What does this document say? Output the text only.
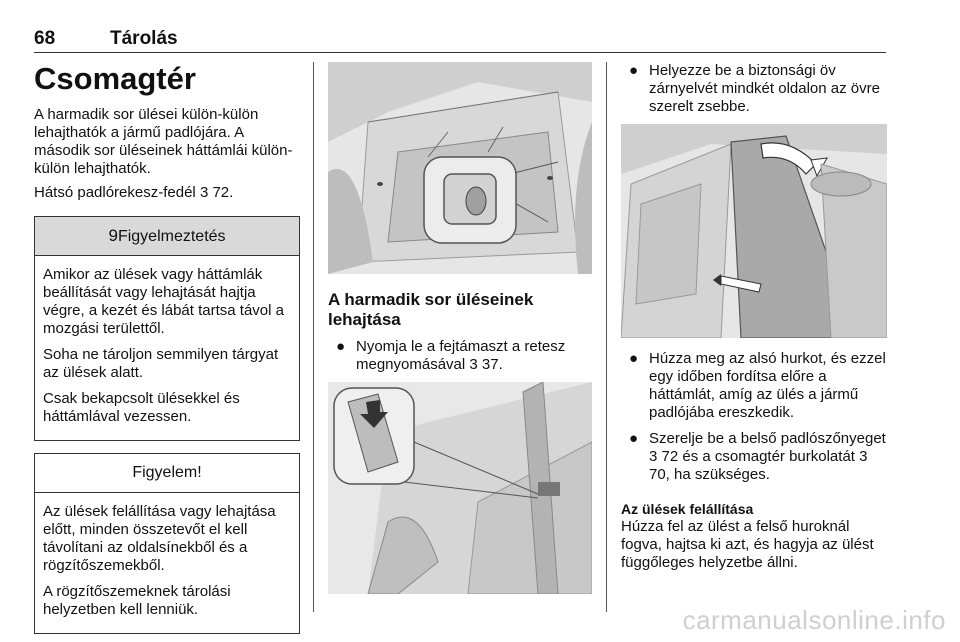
68	Tárolás
Csomagtér
A harmadik sor ülései külön-külön lehajthatók a jármű padlójára. A második sor üléseinek háttámlái külön-külön lehajthatók.
Hátsó padlórekesz-fedél 3 72.
9Figyelmeztetés
Amikor az ülések vagy háttámlák beállítását vagy lehajtását hajtja végre, a kezét és lábát tartsa távol a mozgási területtől.
Soha ne tároljon semmilyen tárgyat az ülések alatt.
Csak bekapcsolt ülésekkel és háttámlával vezessen.
Figyelem!
Az ülések felállítása vagy lehajtása előtt, minden összetevőt el kell távolítani az oldalsínekből és a rögzítőszemekből.
A rögzítőszemeknek tárolási helyzetben kell lenniük.
A harmadik sor üléseinek lehajtása
● Nyomja le a fejtámaszt a retesz megnyomásával 3 37.
● Helyezze be a biztonsági öv zárnyelvét mindkét oldalon az övre szerelt zsebbe.
● Húzza meg az alsó hurkot, és ezzel egy időben fordítsa előre a háttámlát, amíg az ülés a jármű padlójába ereszkedik.
● Szerelje be a belső padlószőnyeget 3 72 és a csomagtér burkolatát 3 70, ha szükséges.
Az ülések felállítása
Húzza fel az ülést a felső huroknál fogva, hajtsa ki azt, és hagyja az ülést függőleges helyzetbe állni.
carmanualsonline.info
